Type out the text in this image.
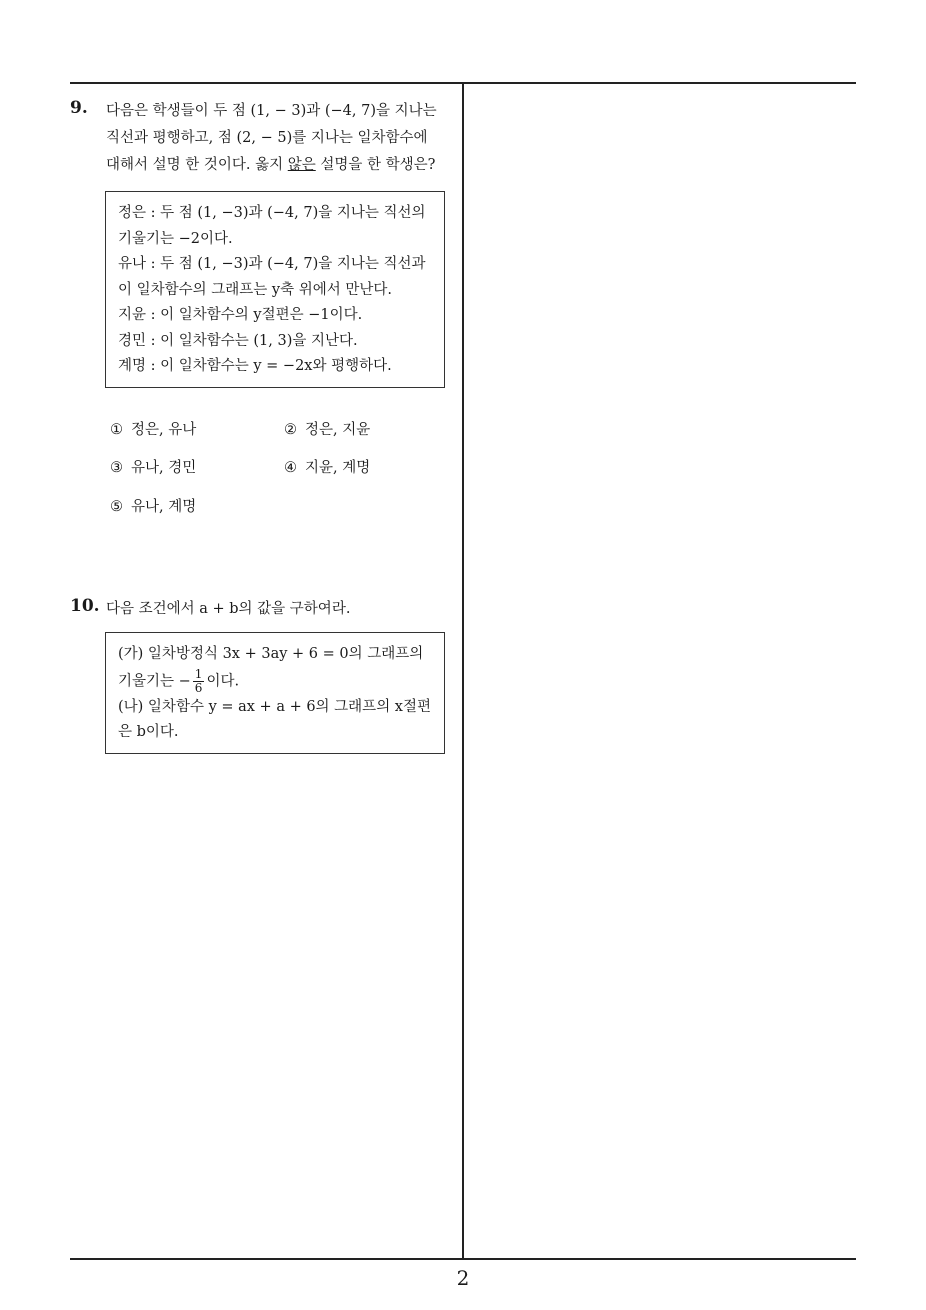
9. 다음은 학생들이 두 점 (1, − 3)과 (−4, 7)을 지나는
직선과 평행하고, 점 (2, − 5)를 지나는 일차함수에
대해서 설명 한 것이다. 옳지 않은 설명을 한 학생은?
정은 : 두 점 (1, −3)과 (−4, 7)을 지나는 직선의
기울기는 −2이다.
유나 : 두 점 (1, −3)과 (−4, 7)을 지나는 직선과
이 일차함수의 그래프는 y축 위에서 만난다.
지윤 : 이 일차함수의 y절편은 −1이다.
경민 : 이 일차함수는 (1, 3)을 지난다.
계명 : 이 일차함수는 y = −2x와 평행하다.
① 정은, 유나	② 정은, 지윤
③ 유나, 경민	④ 지윤, 계명
⑤ 유나, 계명
10. 다음 조건에서 a + b의 값을 구하여라.
(가) 일차방정식 3x + 3ay + 6 = 0의 그래프의
기울기는 − $\frac{1}{6}$ 이다.
(나) 일차함수 y = ax + a + 6의 그래프의 x절편
은 b이다.
2
